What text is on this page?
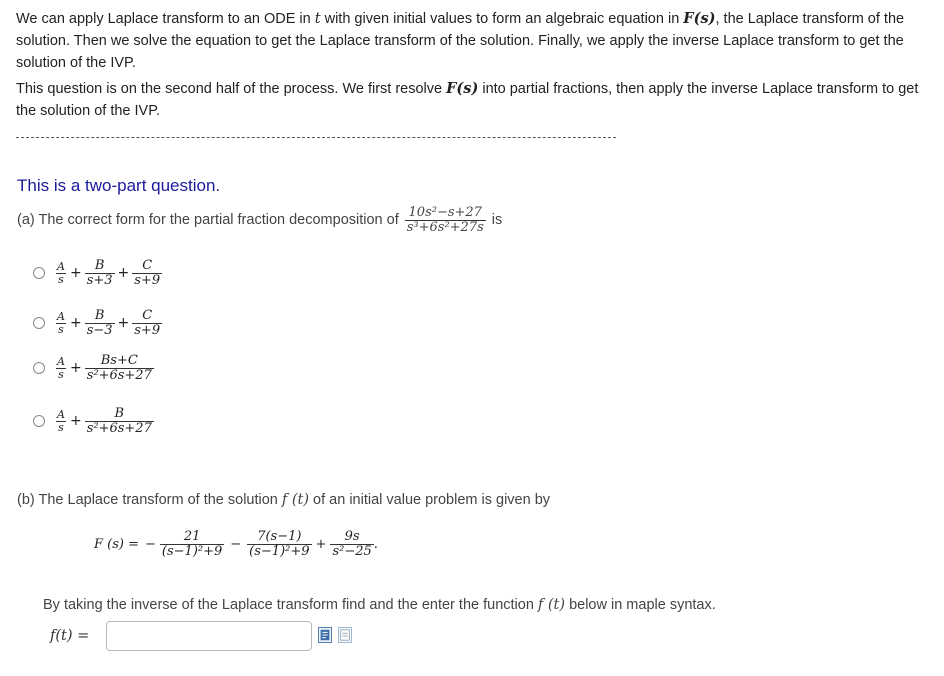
We can apply Laplace transform to an ODE in t with given initial values to form an algebraic equation in F(s), the Laplace transform of the solution. Then we solve the equation to get the Laplace transform of the solution. Finally, we apply the inverse Laplace transform to get the solution of the IVP.
This question is on the second half of the process. We first resolve F(s) into partial fractions, then apply the inverse Laplace transform to get the solution of the IVP.
This is a two-part question.
(a) The correct form for the partial fraction decomposition of $\frac{\text{10s²−s+27}}{\text{s³+6s²+27s}}$ is
$\frac{A}{s} + \frac{B}{s+3} + \frac{C}{s+9}$
$\frac{A}{s} + \frac{B}{s-3} + \frac{C}{s+9}$
$\frac{A}{s} + \frac{Bs+C}{\text{s²+6s+27}}$
$\frac{A}{s} + \frac{B}{\text{s²+6s+27}}$
(b) The Laplace transform of the solution f (t) of an initial value problem is given by
F (s) = − $\frac{21}{\text{(s−1)²+9}} - \frac{7(s-1)}{\text{(s−1)²+9}} + \frac{9s}{\text{s²−25}}$ .
By taking the inverse of the Laplace transform find and the enter the function f (t) below in maple syntax.
f(t) =
